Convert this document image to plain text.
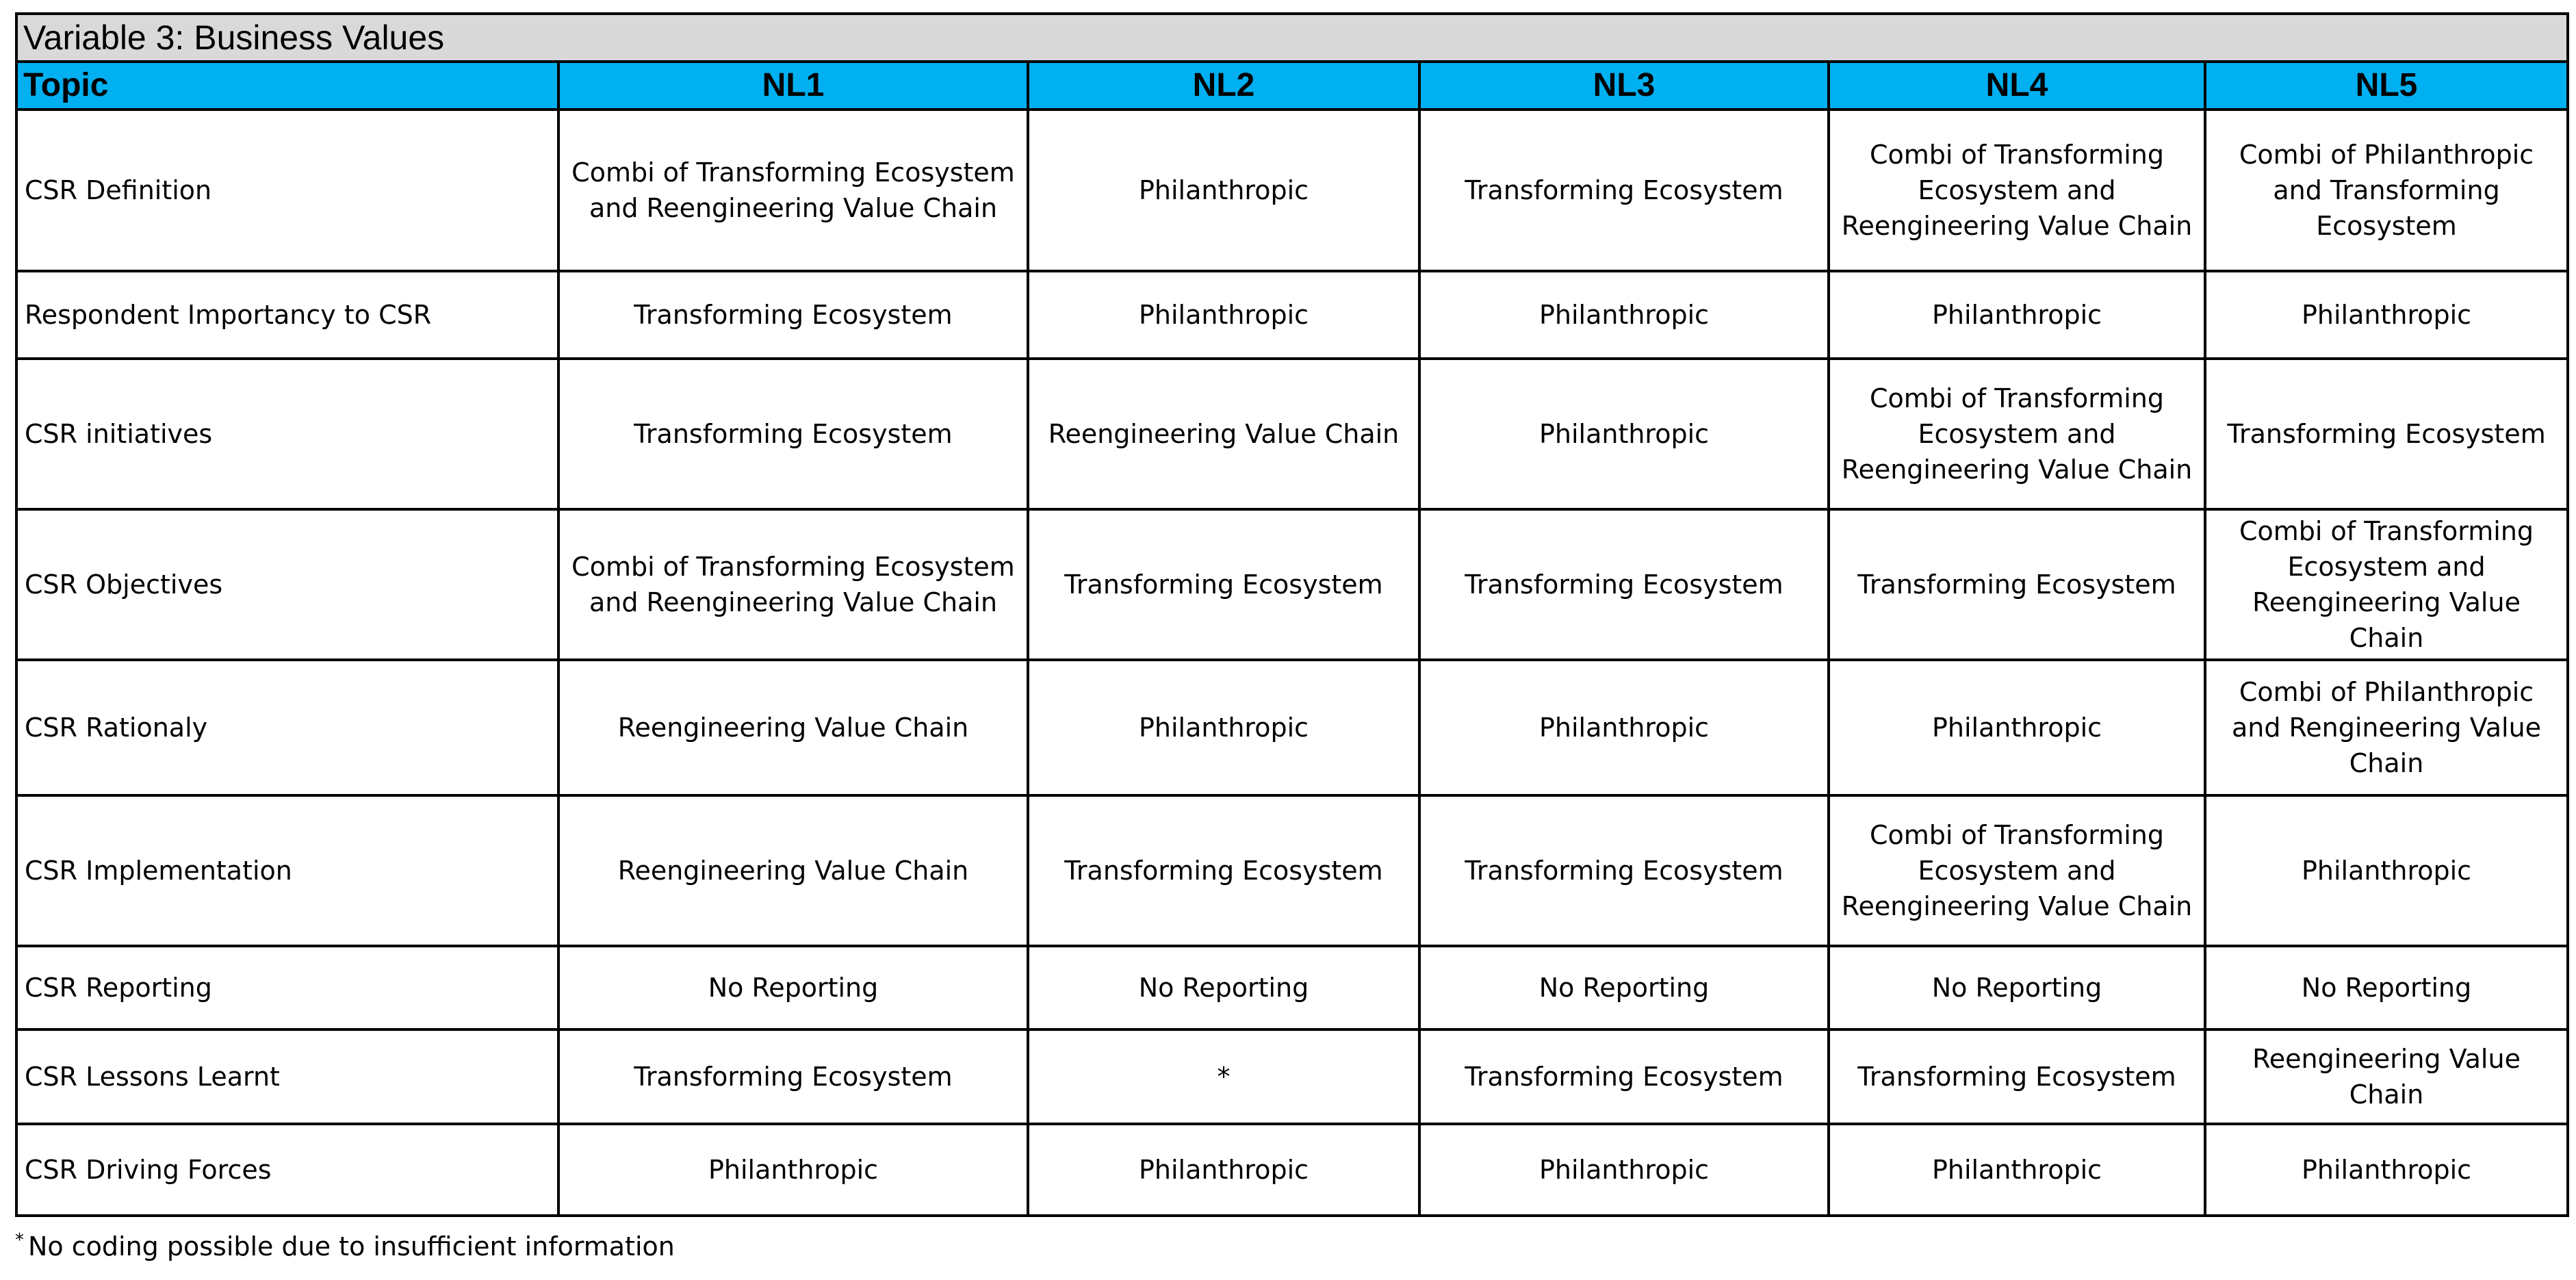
Variable 3: Business Values					
Topic	NL1	NL2	NL3	NL4	NL5
CSR Definition	Combi of Transforming Ecosystem and Reengineering Value Chain	Philanthropic	Transforming Ecosystem	Combi of Transforming Ecosystem and Reengineering Value Chain	Combi of Philanthropic and Transforming Ecosystem
Respondent Importancy to CSR	Transforming Ecosystem	Philanthropic	Philanthropic	Philanthropic	Philanthropic
CSR initiatives	Transforming Ecosystem	Reengineering Value Chain	Philanthropic	Combi of Transforming Ecosystem and Reengineering Value Chain	Transforming Ecosystem
CSR Objectives	Combi of Transforming Ecosystem and Reengineering Value Chain	Transforming Ecosystem	Transforming Ecosystem	Transforming Ecosystem	Combi of Transforming Ecosystem and Reengineering Value Chain
CSR Rationaly	Reengineering Value Chain	Philanthropic	Philanthropic	Philanthropic	Combi of Philanthropic and Rengineering Value Chain
CSR Implementation	Reengineering Value Chain	Transforming Ecosystem	Transforming Ecosystem	Combi of Transforming Ecosystem and Reengineering Value Chain	Philanthropic
CSR Reporting	No Reporting	No Reporting	No Reporting	No Reporting	No Reporting
CSR Lessons Learnt	Transforming Ecosystem	*	Transforming Ecosystem	Transforming Ecosystem	Reengineering Value Chain
CSR Driving Forces	Philanthropic	Philanthropic	Philanthropic	Philanthropic	Philanthropic
* No coding possible due to insufficient information
